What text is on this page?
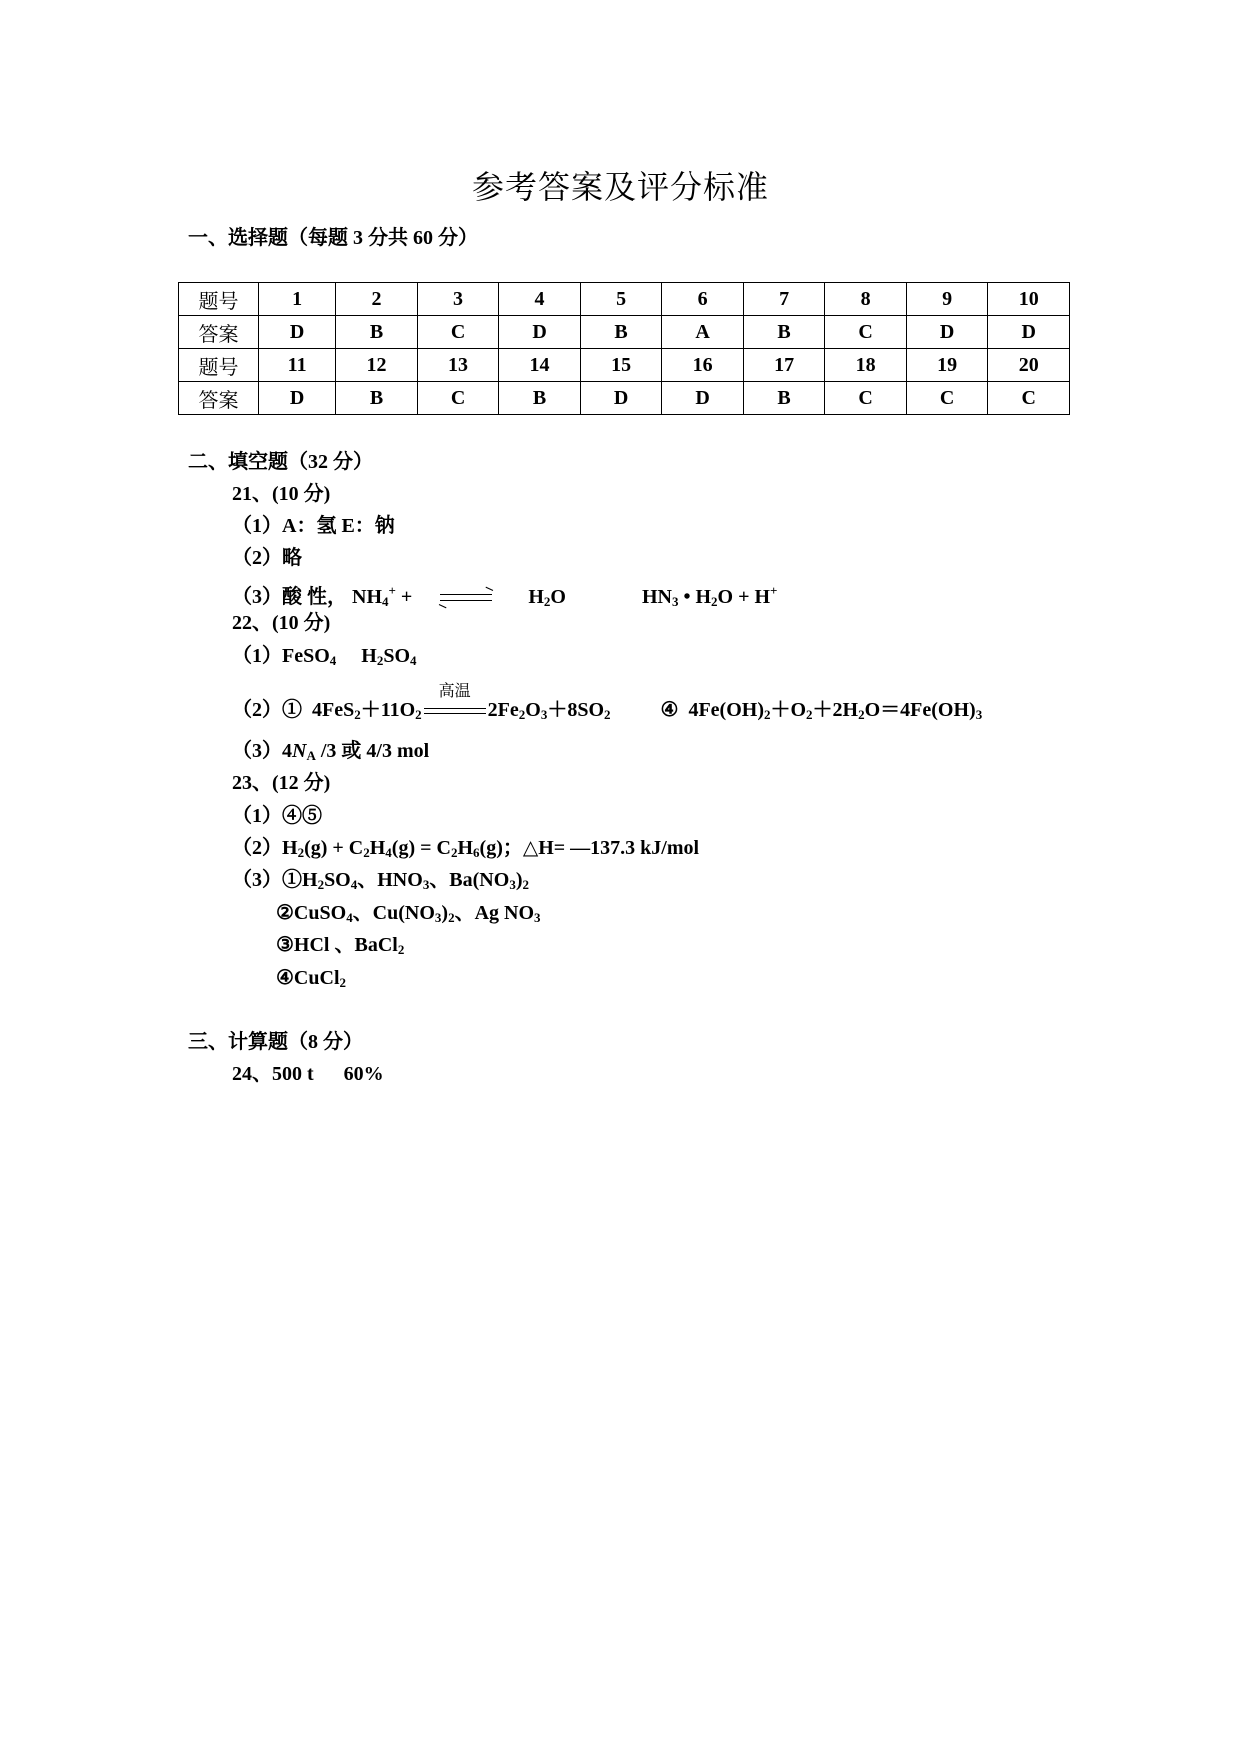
参考答案及评分标准
一、选择题（每题 3 分共 60 分）
题号	1	2	3	4	5	6	7	8	9	10
答案	D	B	C	D	B	A	B	C	D	D
题号	11	12	13	14	15	16	17	18	19	20
答案	D	B	C	B	D	D	B	C	C	C
二、填空题（32 分）
21、(10 分)
（1）A：氢 E：钠
（2）略
（3）酸 性， $NH_4^+$ + ⇌ $H_2O$	$HN_3$ • $H_2O + H^+$
22、(10 分)
（1）FeSO$_4$     $H_2SO_4$
（2）①  $4FeS_2+11O_2$
高温
$2Fe_2O_3+8SO_2$	④  $4Fe(OH)_2+O_2+2H_2O=4Fe(OH)_3$
$(3)4N_A$ /3 或 4/3 mol
23、(12 分)
（1）④⑤
$(2)H_2(g) + C_2H_4(g) = C_2H_6(g)$；△H= —137.3 kJ/mol
$(3)①H_2SO_4$、$HNO_3$、$Ba(NO_3)_2$
②CuSO$_4$、$Cu(NO_3)_2$、Ag $NO_3$
③HCl 、BaCl$_2$
④CuCl$_2$
三、计算题（8 分）
24、500 t      60%
